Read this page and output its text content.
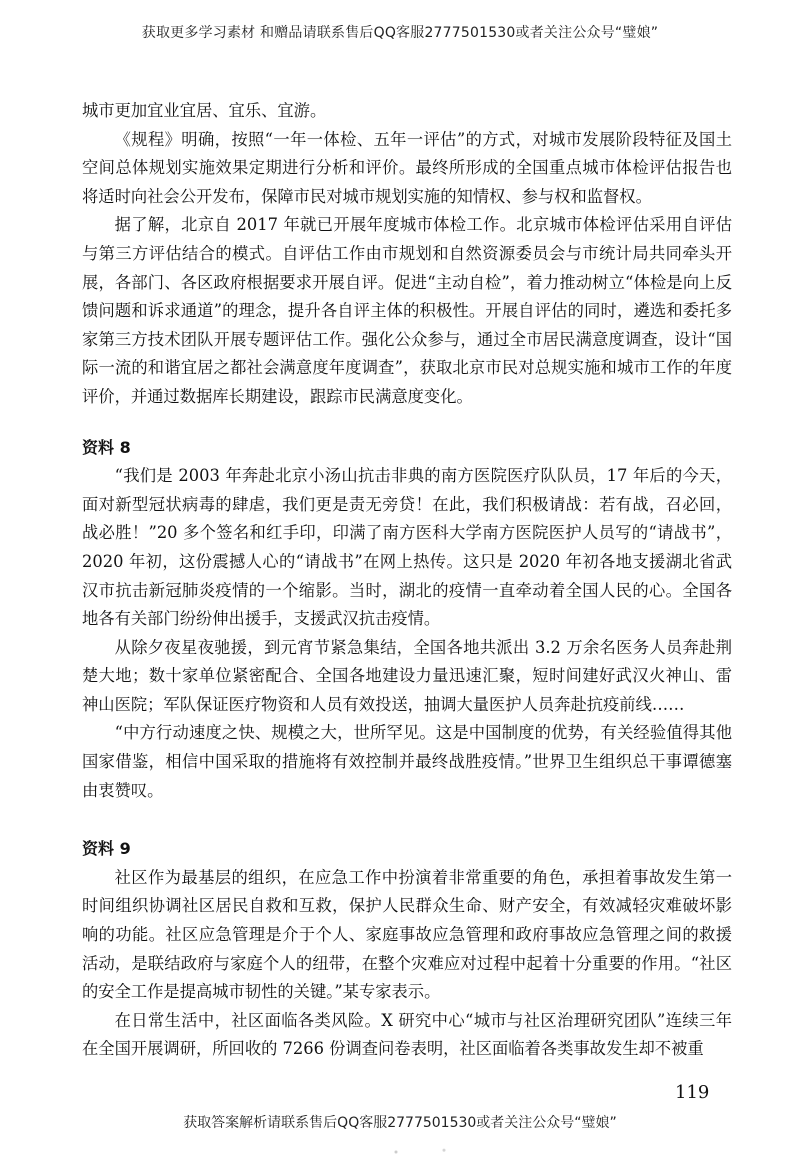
获取更多学习素材 和赠品请联系售后QQ客服2777501530或者关注公众号“璧娘”

城市更加宜业宜居、宜乐、宜游。

《规程》明确，按照“一年一体检、五年一评估”的方式，对城市发展阶段特征及国土空间总体规划实施效果定期进行分析和评价。最终所形成的全国重点城市体检评估报告也将适时向社会公开发布，保障市民对城市规划实施的知情权、参与权和监督权。

据了解，北京自 2017 年就已开展年度城市体检工作。北京城市体检评估采用自评估与第三方评估结合的模式。自评估工作由市规划和自然资源委员会与市统计局共同牵头开展，各部门、各区政府根据要求开展自评。促进“主动自检”，着力推动树立“体检是向上反馈问题和诉求通道”的理念，提升各自评主体的积极性。开展自评估的同时，遴选和委托多家第三方技术团队开展专题评估工作。强化公众参与，通过全市居民满意度调查，设计“国际一流的和谐宜居之都社会满意度年度调查”，获取北京市民对总规实施和城市工作的年度评价，并通过数据库长期建设，跟踪市民满意度变化。

资料 8

“我们是 2003 年奔赴北京小汤山抗击非典的南方医院医疗队队员，17 年后的今天，面对新型冠状病毒的肆虐，我们更是责无旁贷！在此，我们积极请战：若有战，召必回，战必胜！”20 多个签名和红手印，印满了南方医科大学南方医院医护人员写的“请战书”，2020 年初，这份震撼人心的“请战书”在网上热传。这只是 2020 年初各地支援湖北省武汉市抗击新冠肺炎疫情的一个缩影。当时，湖北的疫情一直牵动着全国人民的心。全国各地各有关部门纷纷伸出援手，支援武汉抗击疫情。

从除夕夜星夜驰援，到元宵节紧急集结，全国各地共派出 3.2 万余名医务人员奔赴荆楚大地；数十家单位紧密配合、全国各地建设力量迅速汇聚，短时间建好武汉火神山、雷神山医院；军队保证医疗物资和人员有效投送，抽调大量医护人员奔赴抗疫前线……

“中方行动速度之快、规模之大，世所罕见。这是中国制度的优势，有关经验值得其他国家借鉴，相信中国采取的措施将有效控制并最终战胜疫情。”世界卫生组织总干事谭德塞由衷赞叹。

资料 9

社区作为最基层的组织，在应急工作中扮演着非常重要的角色，承担着事故发生第一时间组织协调社区居民自救和互救，保护人民群众生命、财产安全，有效减轻灾难破坏影响的功能。社区应急管理是介于个人、家庭事故应急管理和政府事故应急管理之间的救援活动，是联结政府与家庭个人的纽带，在整个灾难应对过程中起着十分重要的作用。“社区的安全工作是提高城市韧性的关键。”某专家表示。

在日常生活中，社区面临各类风险。X 研究中心“城市与社区治理研究团队”连续三年在全国开展调研，所回收的 7266 份调查问卷表明，社区面临着各类事故发生却不被重

119
获取答案解析请联系售后QQ客服2777501530或者关注公众号“璧娘”
